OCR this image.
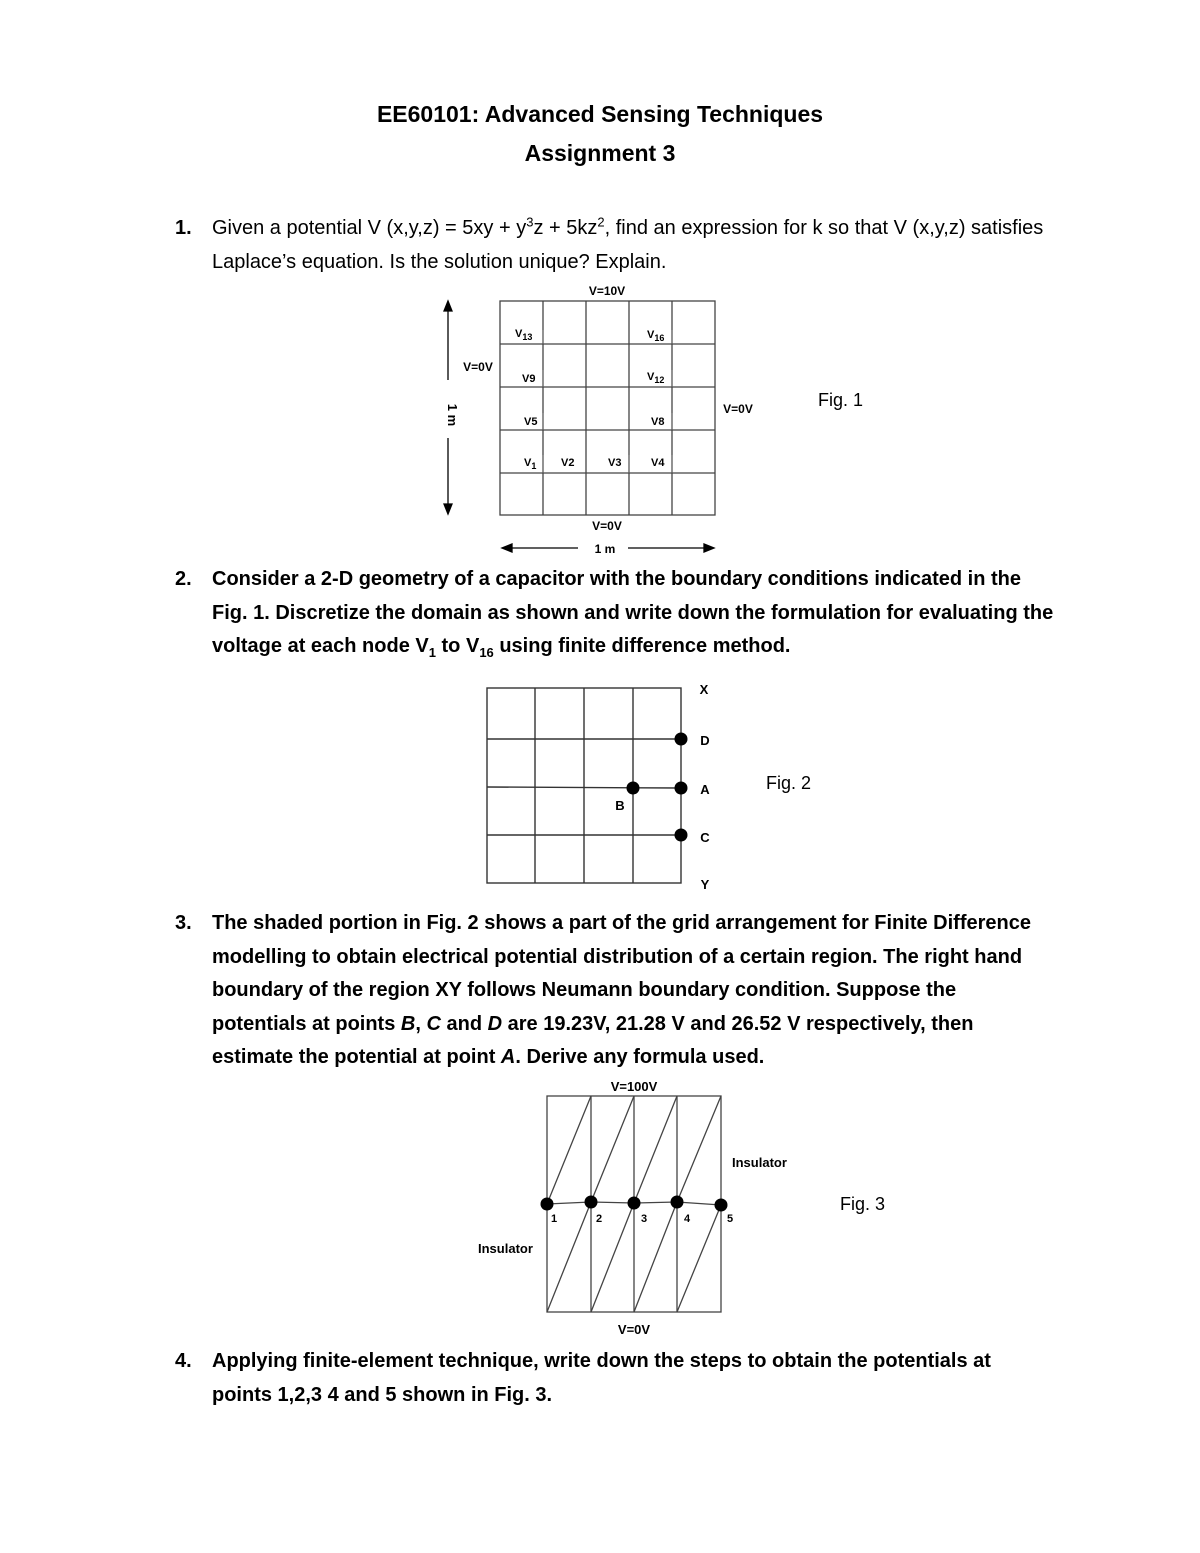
EE60101: Advanced Sensing Techniques
Assignment 3
1. Given a potential V $(x,y,z) = 5xy + y^3z + 5kz^2$, find an expression for k so that V (x,y,z) satisfies Laplace’s equation. Is the solution unique? Explain.
1 m
1 m
V=10V
V=0V
V=0V
V=0V
$V_{13}$	$V_{16}$
V9	$V_{12}$
V5	V8
$V_1$ V2	V3	V4
Fig. 1
2. Consider a 2-D geometry of a capacitor with the boundary conditions indicated in the Fig. 1. Discretize the domain as shown and write down the formulation for evaluating the voltage at each node $V_1$ to $V_{16}$ using finite difference method.
X
D
A
B
C
Y
Fig. 2
3. The shaded portion in Fig. 2 shows a part of the grid arrangement for Finite Difference modelling to obtain electrical potential distribution of a certain region. The right hand boundary of the region XY follows Neumann boundary condition. Suppose the potentials at points B, C and D are 19.23V, 21.28 V and 26.52 V respectively, then estimate the potential at point A. Derive any formula used.
1	2	3	4	5
V=100V
V=0V
Insulator
Insulator
Fig. 3
4. Applying finite-element technique, write down the steps to obtain the potentials at points 1,2,3 4 and 5 shown in Fig. 3.
